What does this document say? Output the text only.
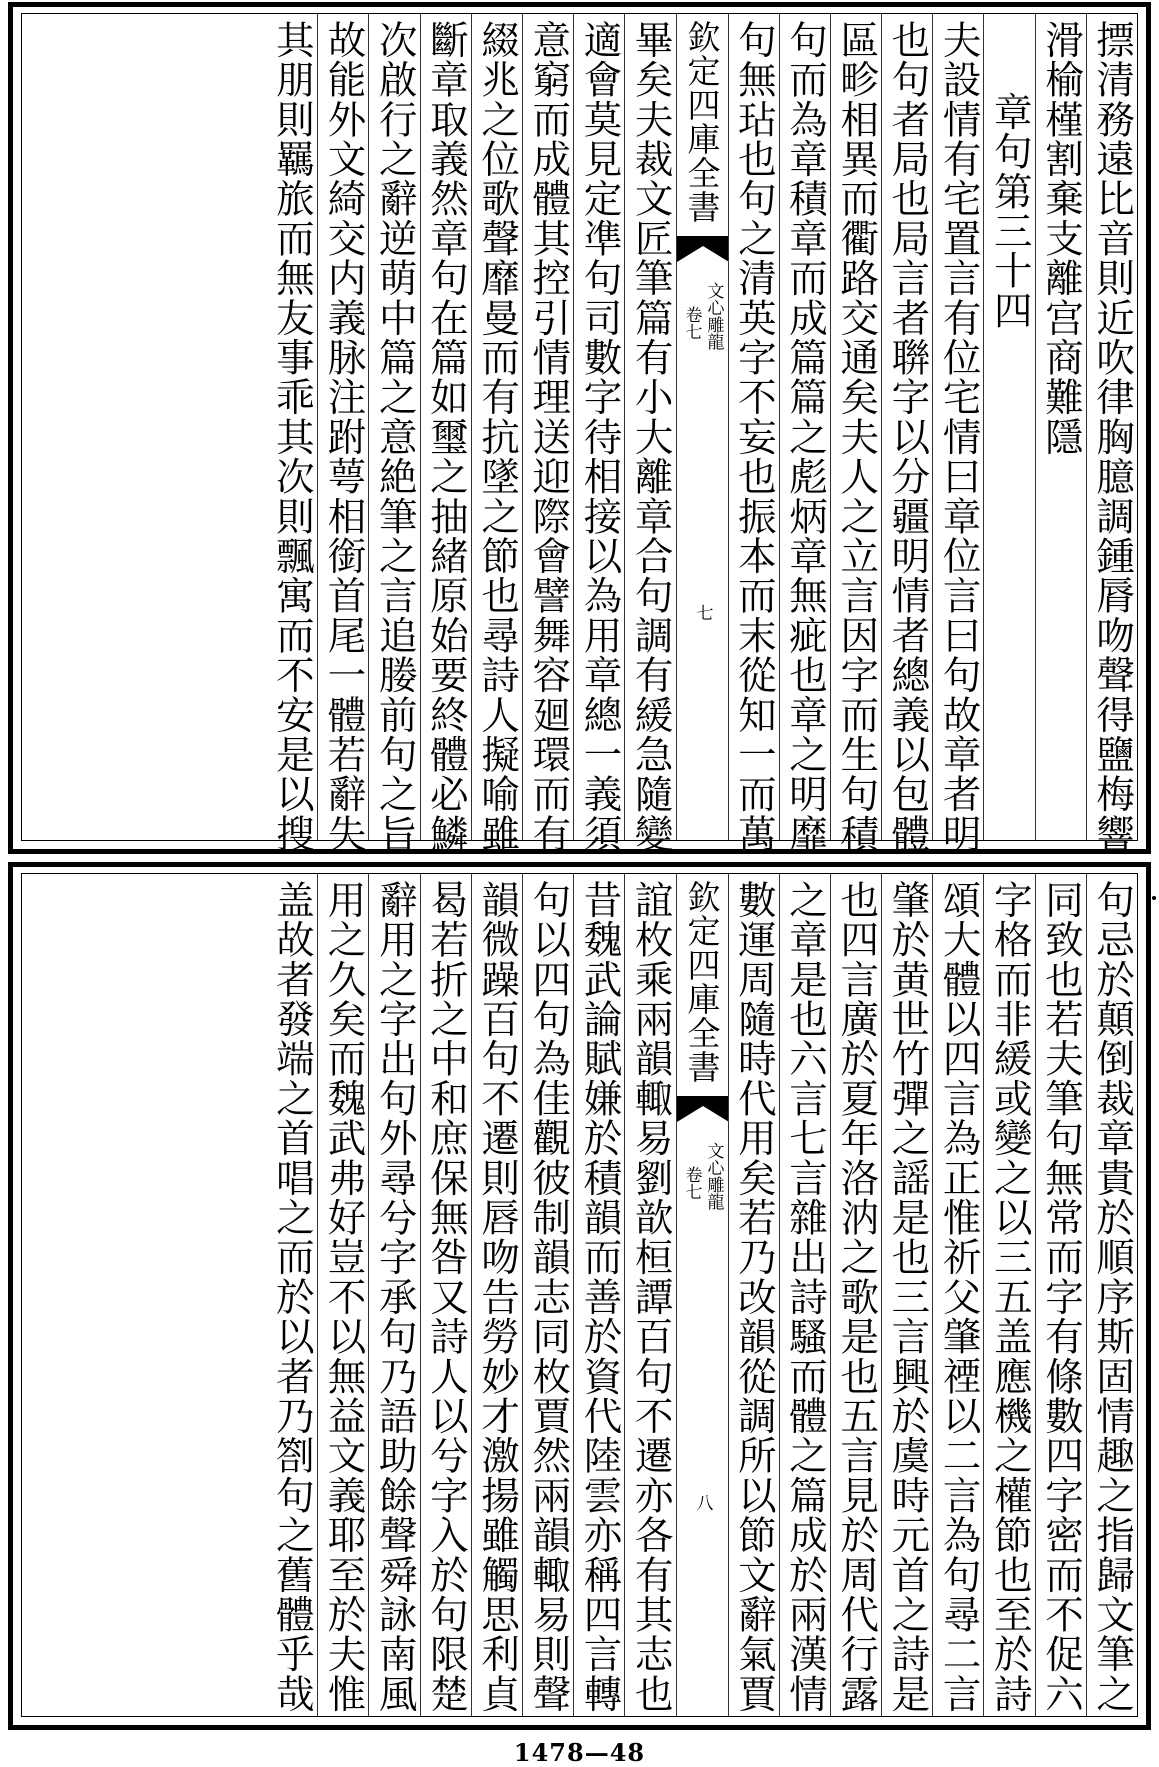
摽清務遠比音則近吹律胸臆調鍾脣吻聲得鹽梅響
滑榆槿割棄支離宫商難隱
章句第三十四
夫設情有宅置言有位宅情曰章位言曰句故章者明
也句者局也局言者聨字以分疆明情者總義以包體
區畛相異而衢路交通矣夫人之立言因字而生句積
句而為章積章而成篇篇之彪炳章無疵也章之明靡
句無玷也句之清英字不妄也振本而末從知一而萬
欽定四庫全書
文心雕龍
卷七
七
畢矣夫裁文匠筆篇有小大離章合句調有緩急隨變
適會莫見定凖句司數字待相接以為用章總一義須
意窮而成體其控引情理送迎際會譬舞容廻環而有
綴兆之位歌聲靡曼而有抗墜之節也尋詩人擬喻雖
斷章取義然章句在篇如璽之抽緒原始要終體必鱗
次啟行之辭逆萌中篇之意絶筆之言追媵前句之旨
故能外文綺交内義脉注跗萼相銜首尾一體若辭失
其朋則羈旅而無友事乖其次則飄寓而不安是以搜
句忌於顛倒裁章貴於順序斯固情趣之指歸文筆之
同致也若夫筆句無常而字有條數四字密而不促六
字格而非緩或變之以三五盖應機之權節也至於詩
頌大體以四言為正惟祈父肇禋以二言為句尋二言
肇於黄世竹彈之謡是也三言興於虞時元首之詩是
也四言廣於夏年洛汭之歌是也五言見於周代行露
之章是也六言七言雜出詩騷而體之篇成於兩漢情
數運周隨時代用矣若乃改韻從調所以節文辭氣賈
欽定四庫全書
文心雕龍
卷七
八
誼枚乘兩韻輙易劉歆桓譚百句不遷亦各有其志也
昔魏武論賦嫌於積韻而善於資代陸雲亦稱四言轉
句以四句為佳觀彼制韻志同枚賈然兩韻輙易則聲
韻微躁百句不遷則唇吻告勞妙才激揚雖觸思利貞
曷若折之中和庶保無咎又詩人以兮字入於句限楚
辭用之字出句外尋兮字承句乃語助餘聲舜詠南風
用之久矣而魏武弗好豈不以無益文義耶至於夫惟
盖故者發端之首唱之而於以者乃劄句之舊體乎哉
1478—48
